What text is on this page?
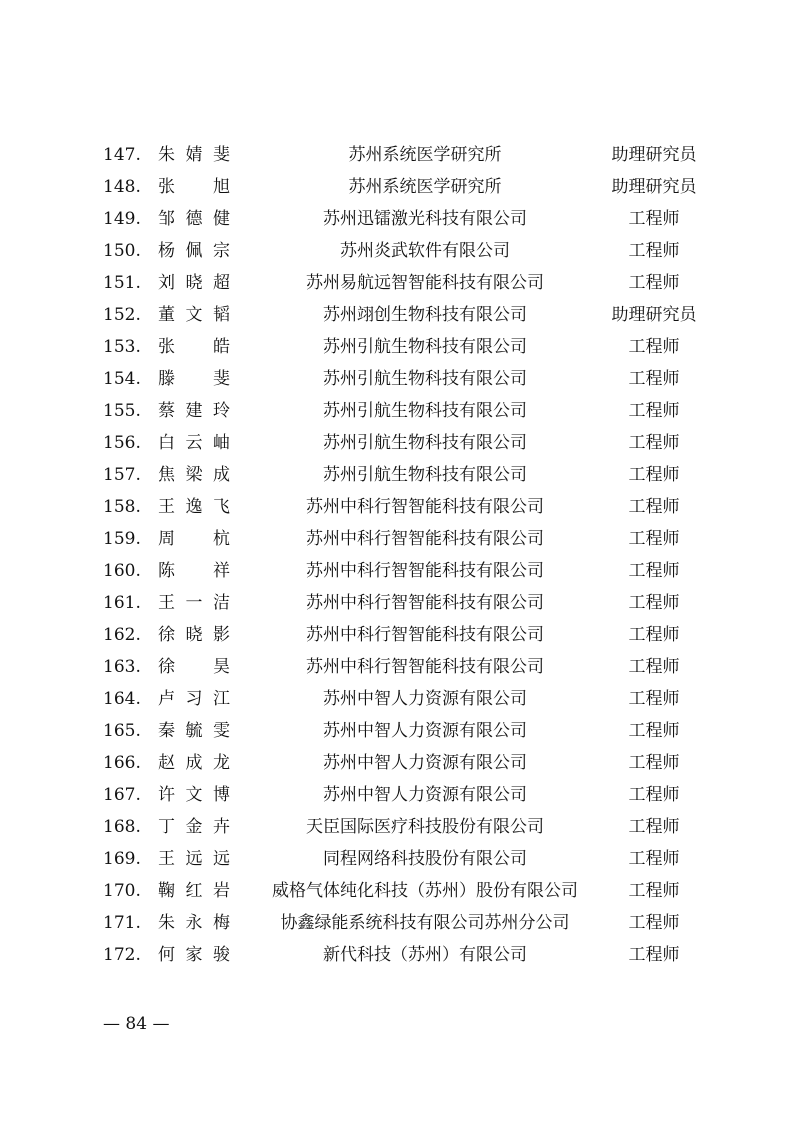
147.	朱 婧 斐	苏州系统医学研究所	助理研究员
148.	张 旭	苏州系统医学研究所	助理研究员
149.	邹 德 健	苏州迅镭激光科技有限公司	工程师
150.	杨 佩 宗	苏州炎武软件有限公司	工程师
151.	刘 晓 超	苏州易航远智智能科技有限公司	工程师
152.	董 文 韬	苏州翊创生物科技有限公司	助理研究员
153.	张 皓	苏州引航生物科技有限公司	工程师
154.	滕 斐	苏州引航生物科技有限公司	工程师
155.	蔡 建 玲	苏州引航生物科技有限公司	工程师
156.	白 云 岫	苏州引航生物科技有限公司	工程师
157.	焦 梁 成	苏州引航生物科技有限公司	工程师
158.	王 逸 飞	苏州中科行智智能科技有限公司	工程师
159.	周 杭	苏州中科行智智能科技有限公司	工程师
160.	陈 祥	苏州中科行智智能科技有限公司	工程师
161.	王 一 洁	苏州中科行智智能科技有限公司	工程师
162.	徐 晓 影	苏州中科行智智能科技有限公司	工程师
163.	徐 昊	苏州中科行智智能科技有限公司	工程师
164.	卢 习 江	苏州中智人力资源有限公司	工程师
165.	秦 毓 雯	苏州中智人力资源有限公司	工程师
166.	赵 成 龙	苏州中智人力资源有限公司	工程师
167.	许 文 博	苏州中智人力资源有限公司	工程师
168.	丁 金 卉	天臣国际医疗科技股份有限公司	工程师
169.	王 远 远	同程网络科技股份有限公司	工程师
170.	鞠 红 岩	威格气体纯化科技（苏州）股份有限公司	工程师
171.	朱 永 梅	协鑫绿能系统科技有限公司苏州分公司	工程师
172.	何 家 骏	新代科技（苏州）有限公司	工程师
— 84 —
